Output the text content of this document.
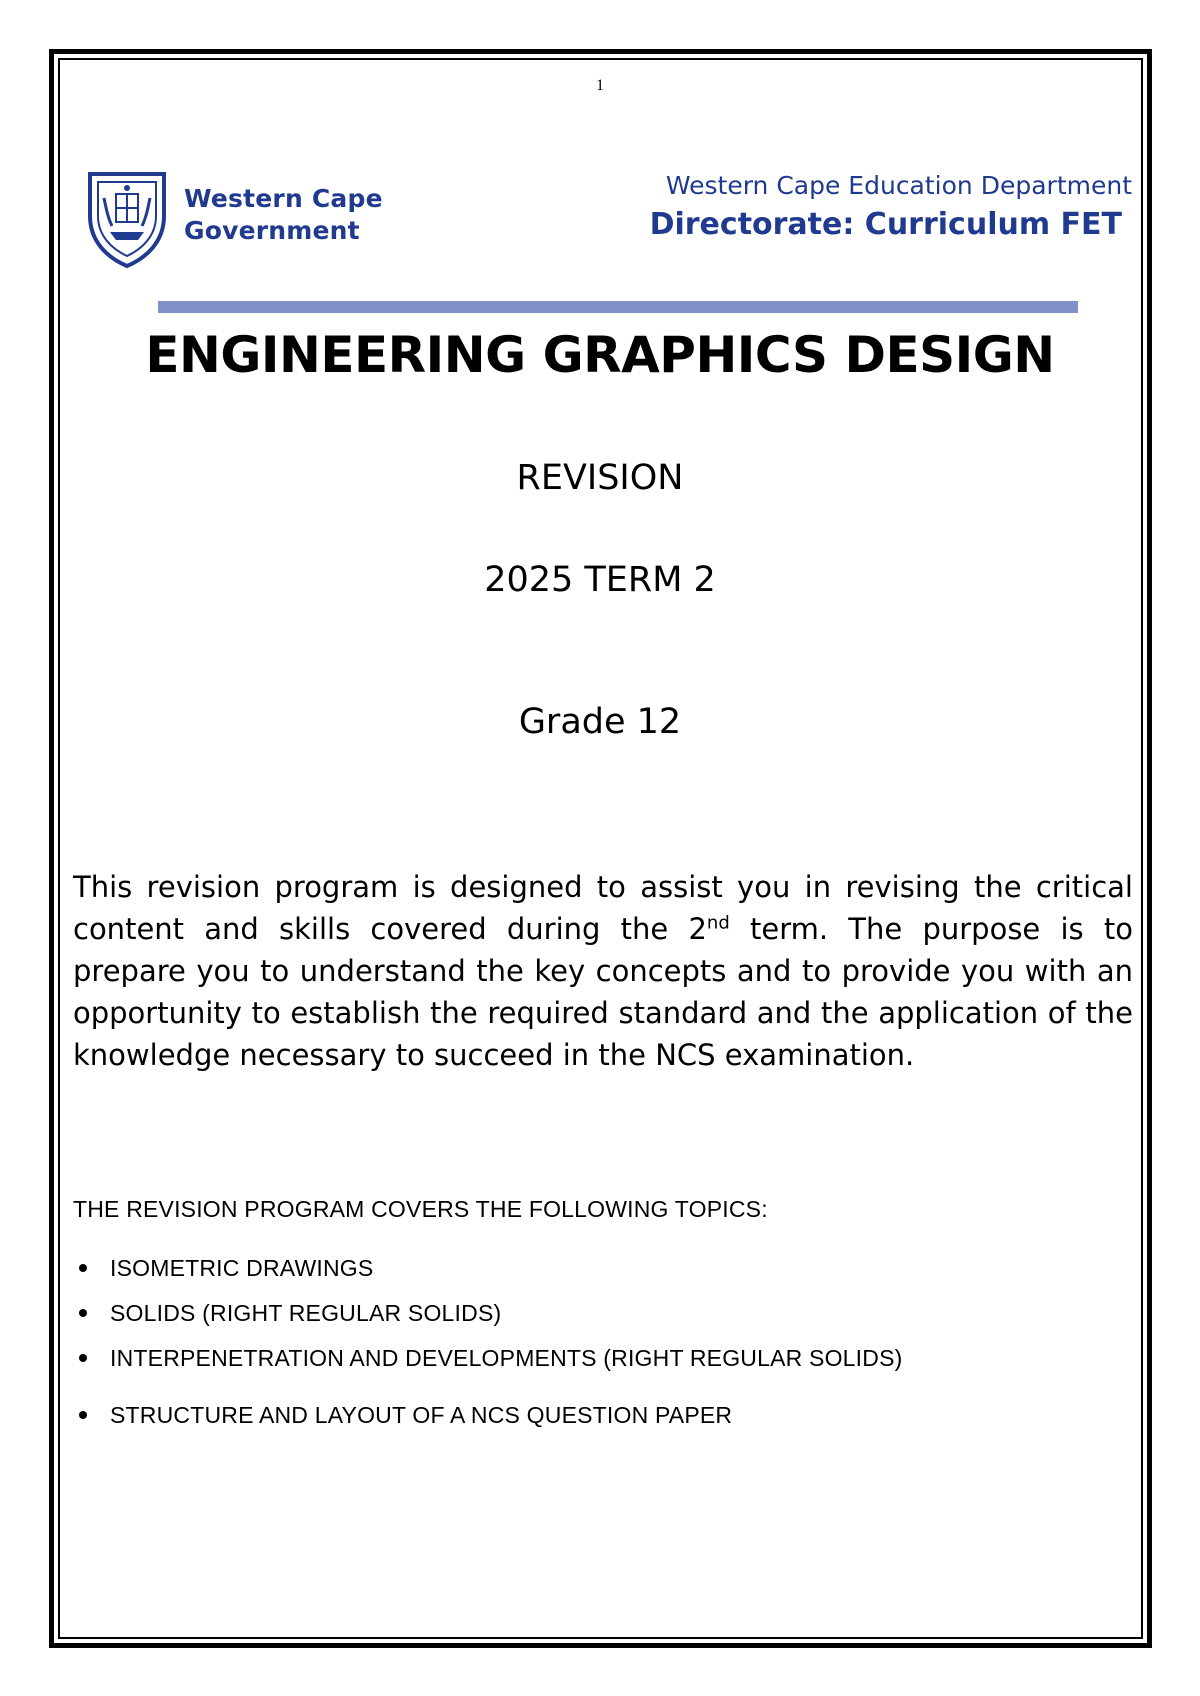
1
Western Cape
Government
Western Cape Education Department
Directorate: Curriculum FET
ENGINEERING GRAPHICS DESIGN
REVISION
2025 TERM 2
Grade 12

This revision program is designed to assist you in revising the critical content and skills covered during the 2nd term. The purpose is to prepare you to understand the key concepts and to provide you with an opportunity to establish the required standard and the application of the knowledge necessary to succeed in the NCS examination.

THE REVISION PROGRAM COVERS THE FOLLOWING TOPICS:
ISOMETRIC DRAWINGS
SOLIDS (RIGHT REGULAR SOLIDS)
INTERPENETRATION AND DEVELOPMENTS (RIGHT REGULAR SOLIDS)
STRUCTURE AND LAYOUT OF A NCS QUESTION PAPER
